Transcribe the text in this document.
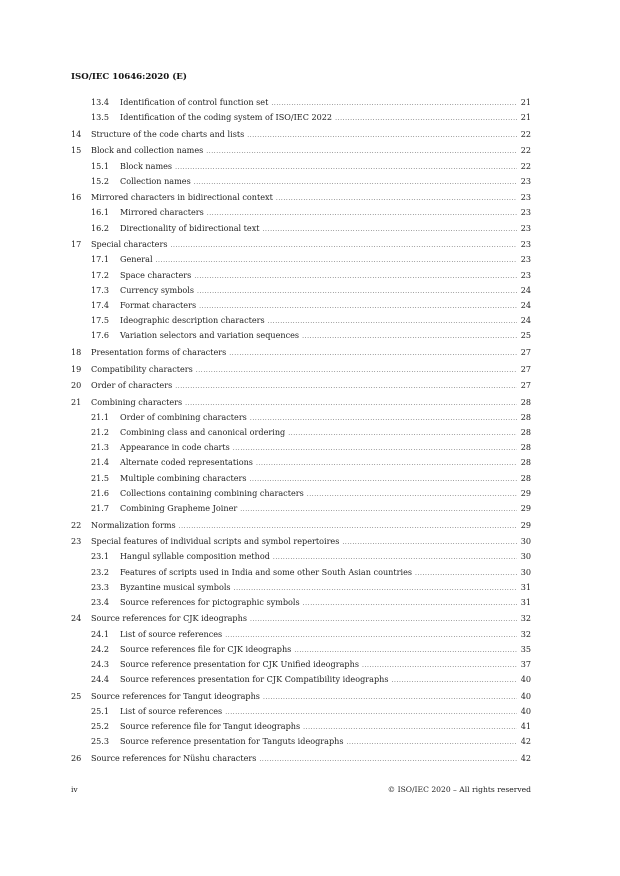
ISO/IEC 10646:2020 (E)
13.4	Identification of control function set .....	21
13.5	Identification of the coding system of ISO/IEC 2022 .....	21
14	Structure of the code charts and lists .....	22
15	Block and collection names .....	22
15.1	Block names .....	22
15.2	Collection names .....	23
16	Mirrored characters in bidirectional context .....	23
16.1	Mirrored characters .....	23
16.2	Directionality of bidirectional text .....	23
17	Special characters .....	23
17.1	General .....	23
17.2	Space characters .....	23
17.3	Currency symbols .....	24
17.4	Format characters .....	24
17.5	Ideographic description characters .....	24
17.6	Variation selectors and variation sequences .....	25
18	Presentation forms of characters .....	27
19	Compatibility characters .....	27
20	Order of characters .....	27
21	Combining characters .....	28
21.1	Order of combining characters .....	28
21.2	Combining class and canonical ordering .....	28
21.3	Appearance in code charts .....	28
21.4	Alternate coded representations .....	28
21.5	Multiple combining characters .....	28
21.6	Collections containing combining characters .....	29
21.7	Combining Grapheme Joiner .....	29
22	Normalization forms .....	29
23	Special features of individual scripts and symbol repertoires .....	30
23.1	Hangul syllable composition method .....	30
23.2	Features of scripts used in India and some other South Asian countries .....	30
23.3	Byzantine musical symbols .....	31
23.4	Source references for pictographic symbols .....	31
24	Source references for CJK ideographs .....	32
24.1	List of source references .....	32
24.2	Source references file for CJK ideographs .....	35
24.3	Source reference presentation for CJK Unified ideographs .....	37
24.4	Source references presentation for CJK Compatibility ideographs .....	40
25	Source references for Tangut ideographs .....	40
25.1	List of source references .....	40
25.2	Source reference file for Tangut ideographs .....	41
25.3	Source reference presentation for Tanguts ideographs .....	42
26	Source references for Nüshu characters .....	42
iv	© ISO/IEC 2020 – All rights reserved
